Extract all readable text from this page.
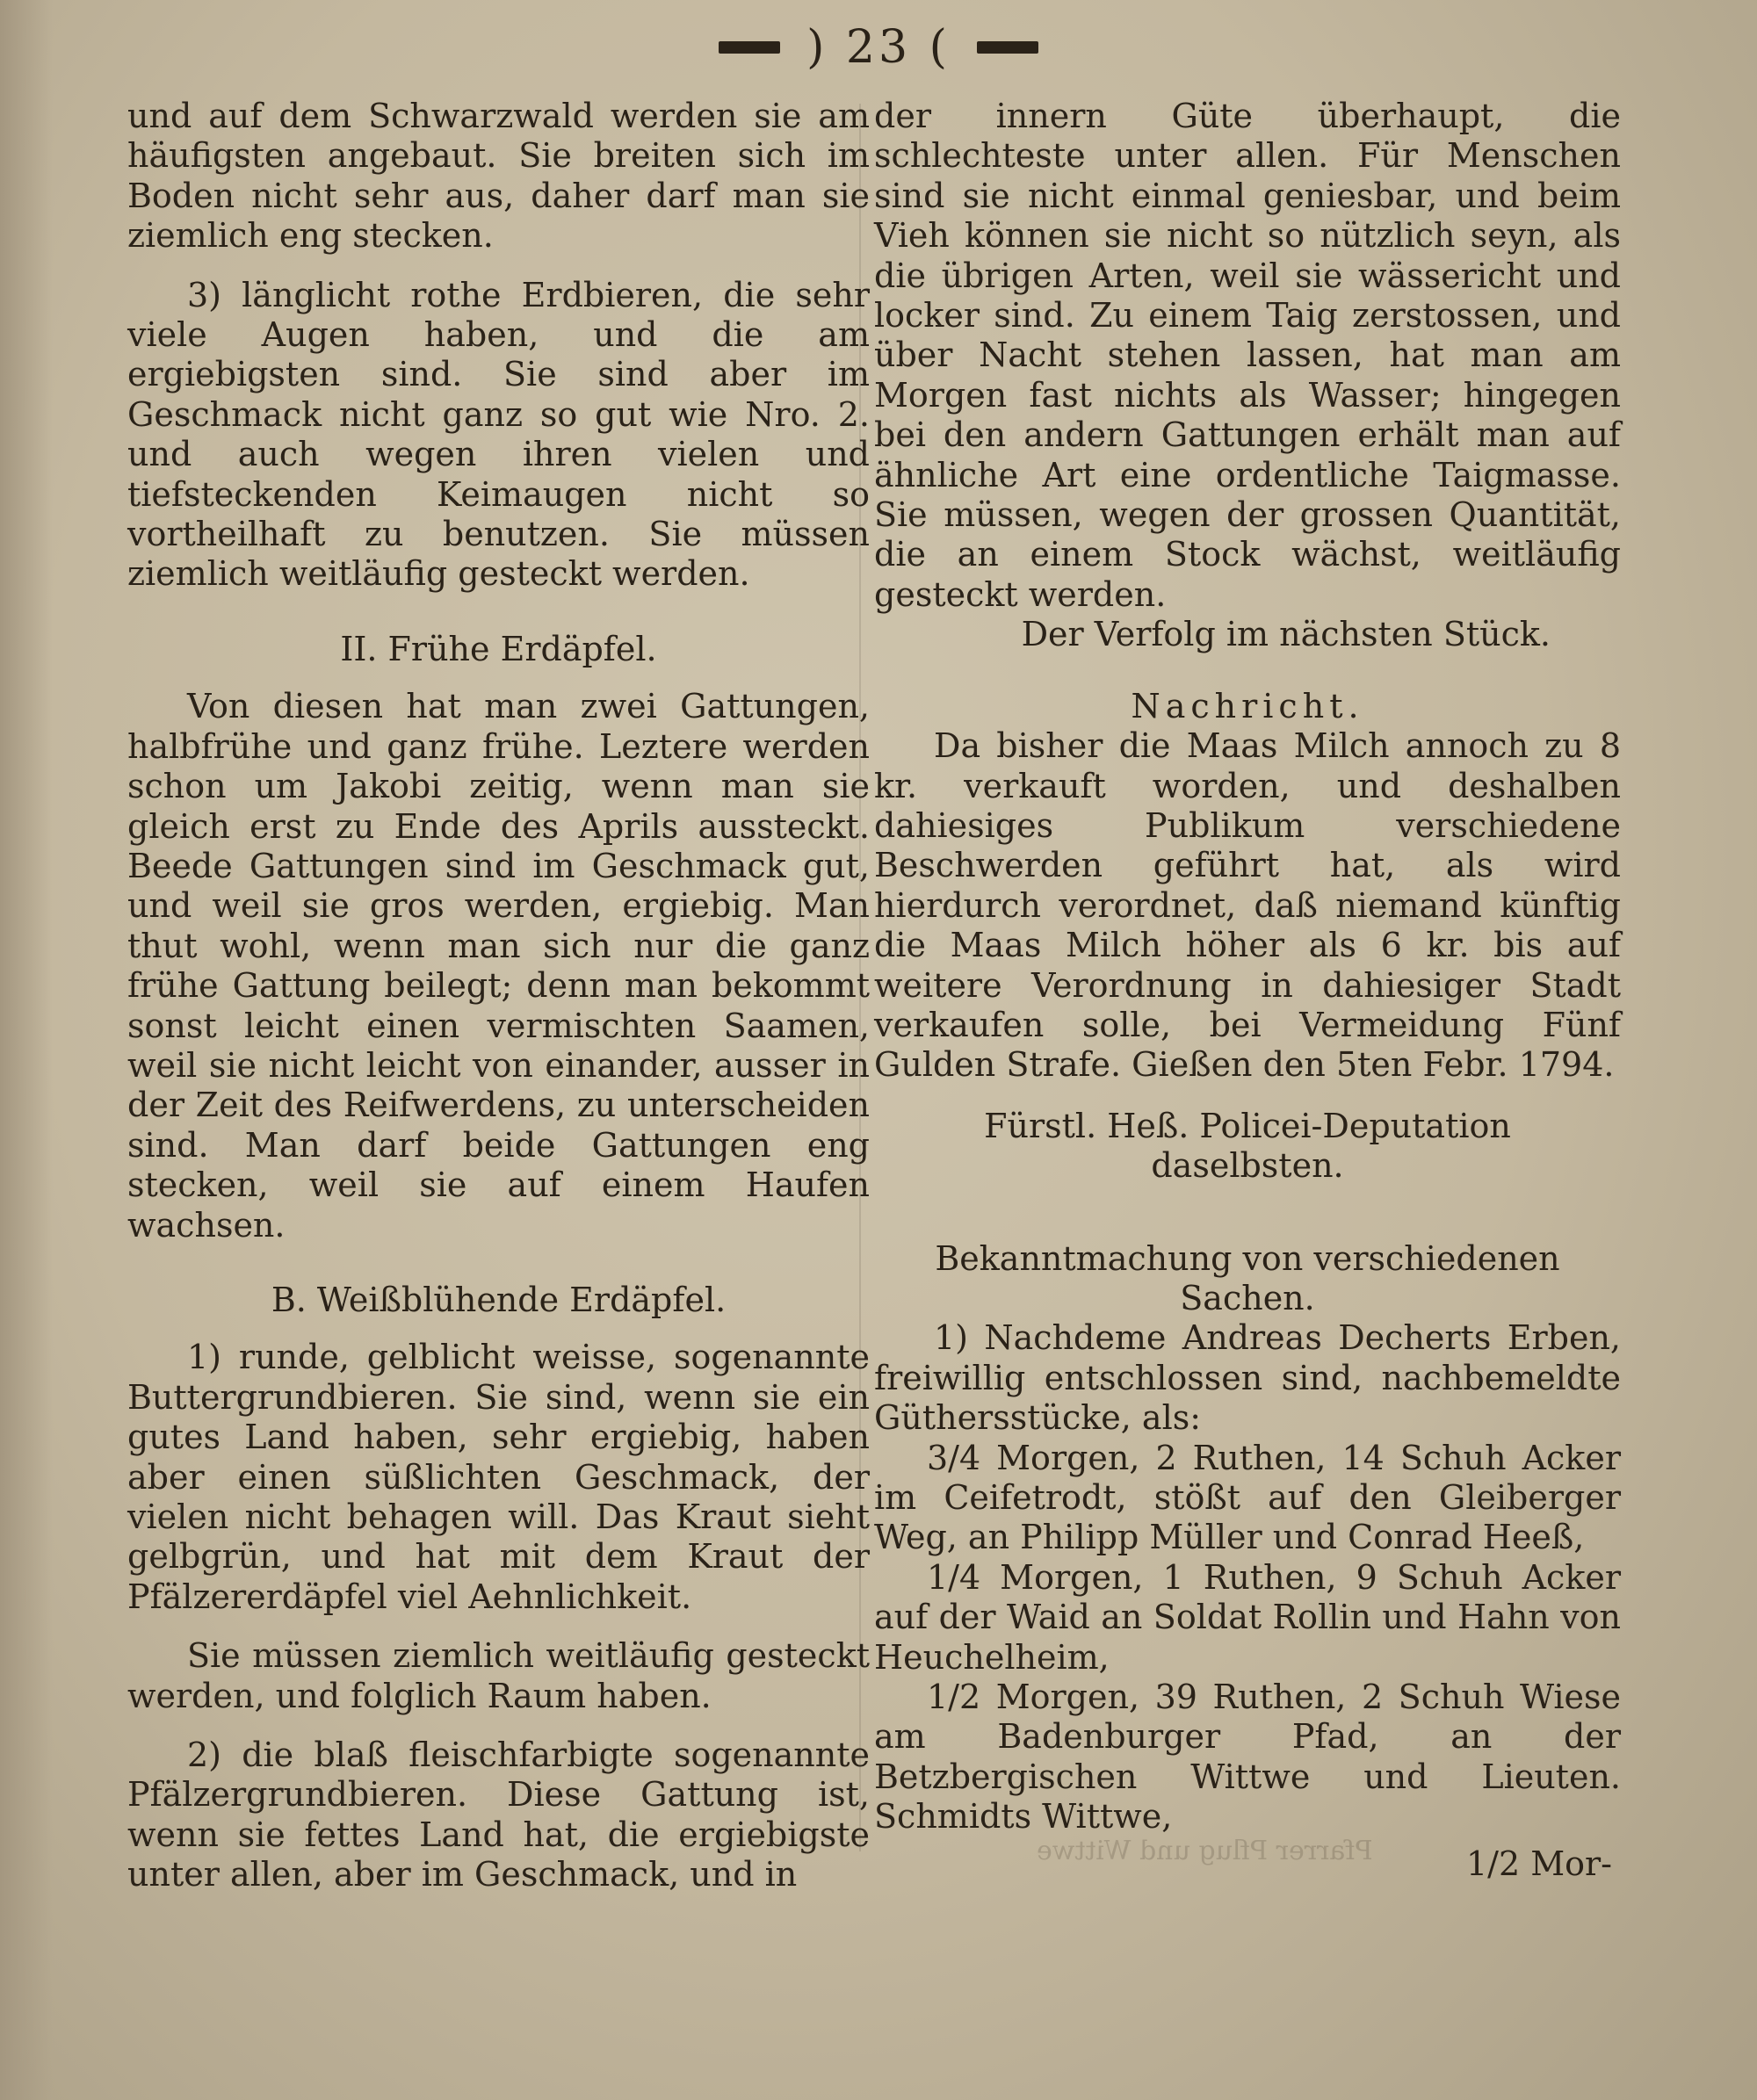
Pfarrer Pflug und Wittwe
) 23 (

und auf dem Schwarzwald werden sie am häufigsten angebaut. Sie breiten sich im Boden nicht sehr aus, daher darf man sie ziemlich eng stecken.

3) länglicht rothe Erdbieren, die sehr viele Augen haben, und die am ergiebigsten sind. Sie sind aber im Geschmack nicht ganz so gut wie Nro. 2. und auch wegen ihren vielen und tiefsteckenden Keimaugen nicht so vortheilhaft zu benutzen. Sie müssen ziemlich weitläufig gesteckt werden.

II. Frühe Erdäpfel.

Von diesen hat man zwei Gattungen, halbfrühe und ganz frühe. Leztere werden schon um Jakobi zeitig, wenn man sie gleich erst zu Ende des Aprils aussteckt. Beede Gattungen sind im Geschmack gut, und weil sie gros werden, ergiebig. Man thut wohl, wenn man sich nur die ganz frühe Gattung beilegt; denn man bekommt sonst leicht einen vermischten Saamen, weil sie nicht leicht von einander, ausser in der Zeit des Reifwerdens, zu unterscheiden sind. Man darf beide Gattungen eng stecken, weil sie auf einem Haufen wachsen.

B. Weißblühende Erdäpfel.

1) runde, gelblicht weisse, sogenannte Buttergrundbieren. Sie sind, wenn sie ein gutes Land haben, sehr ergiebig, haben aber einen süßlichten Geschmack, der vielen nicht behagen will. Das Kraut sieht gelbgrün, und hat mit dem Kraut der Pfälzererdäpfel viel Aehnlichkeit.

Sie müssen ziemlich weitläufig gesteckt werden, und folglich Raum haben.

2) die blaß fleischfarbigte sogenannte Pfälzergrundbieren. Diese Gattung ist, wenn sie fettes Land hat, die ergiebigste unter allen, aber im Geschmack, und in

der innern Güte überhaupt, die schlechteste unter allen. Für Menschen sind sie nicht einmal geniesbar, und beim Vieh können sie nicht so nützlich seyn, als die übrigen Arten, weil sie wässericht und locker sind. Zu einem Taig zerstossen, und über Nacht stehen lassen, hat man am Morgen fast nichts als Wasser; hingegen bei den andern Gattungen erhält man auf ähnliche Art eine ordentliche Taigmasse. Sie müssen, wegen der grossen Quantität, die an einem Stock wächst, weitläufig gesteckt werden.

Der Verfolg im nächsten Stück.

Nachricht.

Da bisher die Maas Milch annoch zu 8 kr. verkauft worden, und deshalben dahiesiges Publikum verschiedene Beschwerden geführt hat, als wird hierdurch verordnet, daß niemand künftig die Maas Milch höher als 6 kr. bis auf weitere Verordnung in dahiesiger Stadt verkaufen solle, bei Vermeidung Fünf Gulden Strafe. Gießen den 5ten Febr. 1794.

Fürstl. Heß. Policei-Deputation
daselbsten.

Bekanntmachung von verschiedenen Sachen.

1) Nachdeme Andreas Decherts Erben, freiwillig entschlossen sind, nachbemeldte Güthersstücke, als:

3/4 Morgen, 2 Ruthen, 14 Schuh Acker im Ceifetrodt, stößt auf den Gleiberger Weg, an Philipp Müller und Conrad Heeß,

1/4 Morgen, 1 Ruthen, 9 Schuh Acker auf der Waid an Soldat Rollin und Hahn von Heuchelheim,

1/2 Morgen, 39 Ruthen, 2 Schuh Wiese am Badenburger Pfad, an der Betzbergischen Wittwe und Lieuten. Schmidts Wittwe,

1/2 Mor-
